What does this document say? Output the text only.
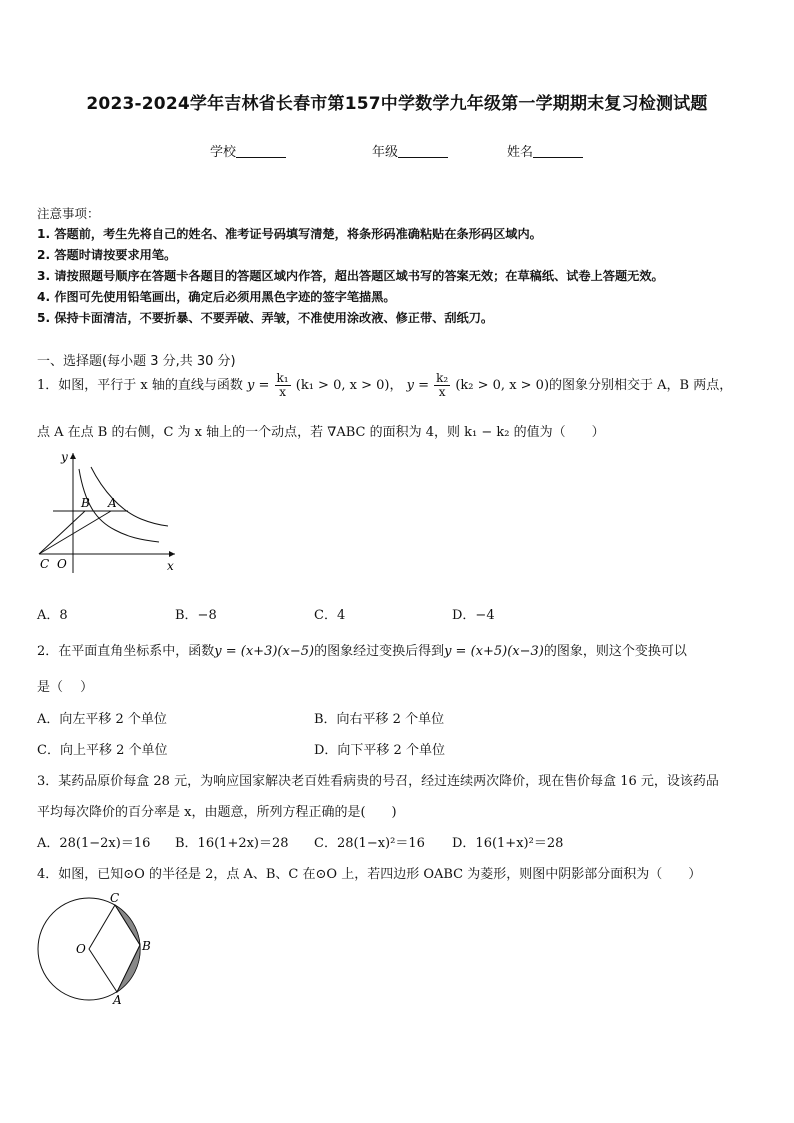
2023-2024学年吉林省长春市第157中学数学九年级第一学期期末复习检测试题
学校	年级	姓名
注意事项：
1. 答题前，考生先将自己的姓名、准考证号码填写清楚，将条形码准确粘贴在条形码区域内。
2. 答题时请按要求用笔。
3. 请按照题号顺序在答题卡各题目的答题区域内作答，超出答题区域书写的答案无效；在草稿纸、试卷上答题无效。
4. 作图可先使用铅笔画出，确定后必须用黑色字迹的签字笔描黑。
5. 保持卡面清洁，不要折暴、不要弄破、弄皱，不准使用涂改液、修正带、刮纸刀。
一、选择题(每小题 3 分,共 30 分)
1．如图，平行于 x 轴的直线与函数 $y = \frac{\text{k₁}}{x} (k_1 > 0$, x > 0)， $y = \frac{\text{k₂}}{x} (k_2 > 0$, x > 0)的图象分别相交于 A，B 两点，
点 A 在点 B 的右侧，C 为 x 轴上的一个动点，若 ∇ABC 的面积为 4，则 k₁ − k₂ 的值为（　　）
y
x
B A
C O
A．8	B．−8	C．4	D．−4
2．在平面直角坐标系中，函数y = (x+3)(x−5)的图象经过变换后得到y = (x+5)(x−3)的图象，则这个变换可以
是（　 ）
A．向左平移 2 个单位	B．向右平移 2 个单位
C．向上平移 2 个单位	D．向下平移 2 个单位
3．某药品原价每盒 28 元，为响应国家解决老百姓看病贵的号召，经过连续两次降价，现在售价每盒 16 元，设该药品
平均每次降价的百分率是 x，由题意，所列方程正确的是(　　)
A．28(1−2x)＝16 B．16(1+2x)＝28 C．28(1−x)²＝16 D．16(1+x)²＝28
4．如图，已知⊙O 的半径是 2，点 A、B、C 在⊙O 上，若四边形 OABC 为菱形，则图中阴影部分面积为（　　）
O
C
B
A
